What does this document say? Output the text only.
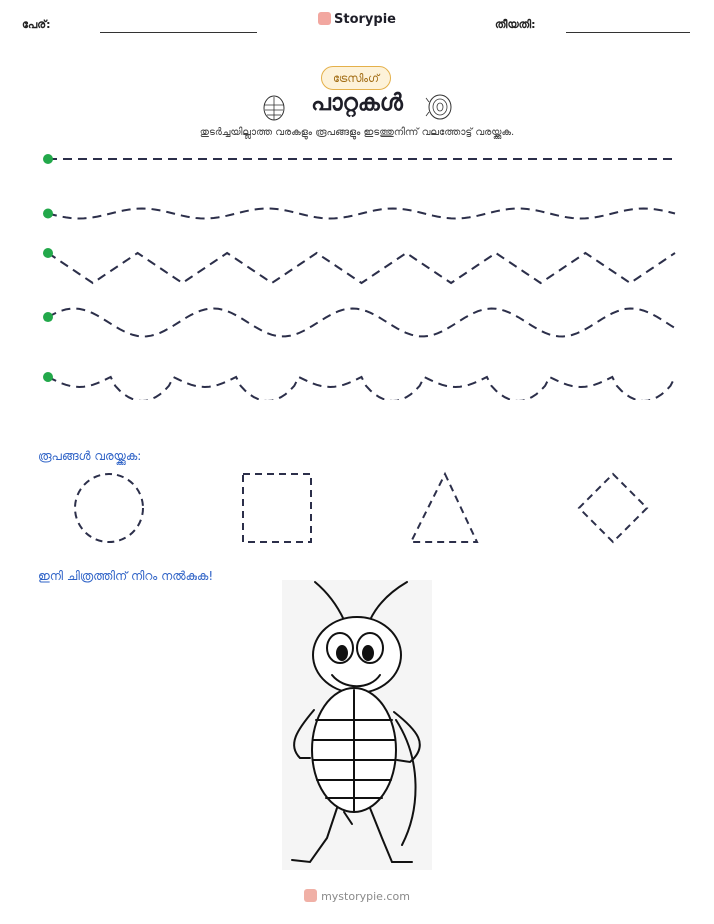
പേര്:	Storypie	തീയതി:
ട്രേസിംഗ്
പാറ്റകൾ
തുടർച്ചയില്ലാത്ത വരകളും രൂപങ്ങളും ഇടത്തുനിന്ന് വലത്തോട്ട് വരയ്ക്കുക.
രൂപങ്ങൾ വരയ്ക്കുക:
ഇനി ചിത്രത്തിന് നിറം നൽകുക!
mystorypie.com
